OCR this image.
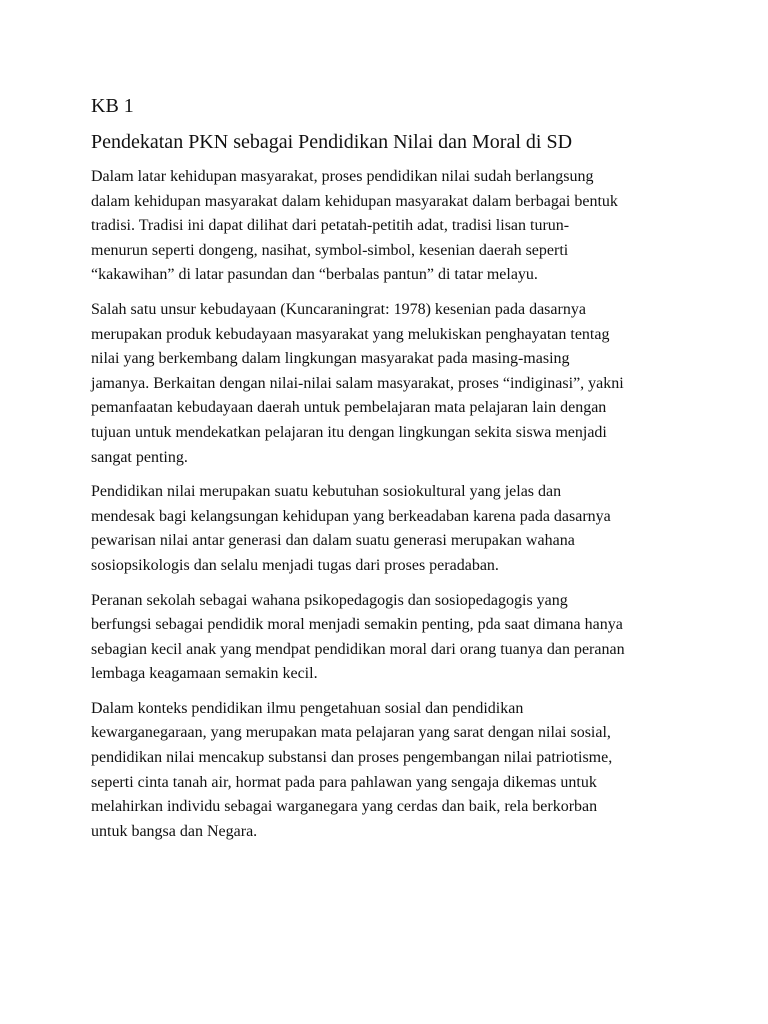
KB 1
Pendekatan PKN sebagai Pendidikan Nilai dan Moral di SD

Dalam latar kehidupan masyarakat, proses pendidikan nilai sudah berlangsung
dalam kehidupan masyarakat dalam kehidupan masyarakat dalam berbagai bentuk
tradisi. Tradisi ini dapat dilihat dari petatah-petitih adat, tradisi lisan turun-
menurun seperti dongeng, nasihat, symbol-simbol, kesenian daerah seperti
“kakawihan” di latar pasundan dan “berbalas pantun” di tatar melayu.

Salah satu unsur kebudayaan (Kuncaraningrat: 1978) kesenian pada dasarnya
merupakan produk kebudayaan masyarakat yang melukiskan penghayatan tentag
nilai yang berkembang dalam lingkungan masyarakat pada masing-masing
jamanya. Berkaitan dengan nilai-nilai salam masyarakat, proses “indiginasi”, yakni
pemanfaatan kebudayaan daerah untuk pembelajaran mata pelajaran lain dengan
tujuan untuk mendekatkan pelajaran itu dengan lingkungan sekita siswa menjadi
sangat penting.

Pendidikan nilai merupakan suatu kebutuhan sosiokultural yang jelas dan
mendesak bagi kelangsungan kehidupan yang berkeadaban karena pada dasarnya
pewarisan nilai antar generasi dan dalam suatu generasi merupakan wahana
sosiopsikologis dan selalu menjadi tugas dari proses peradaban.

Peranan sekolah sebagai wahana psikopedagogis dan sosiopedagogis yang
berfungsi sebagai pendidik moral menjadi semakin penting, pda saat dimana hanya
sebagian kecil anak yang mendpat pendidikan moral dari orang tuanya dan peranan
lembaga keagamaan semakin kecil.

Dalam konteks pendidikan ilmu pengetahuan sosial dan pendidikan
kewarganegaraan, yang merupakan mata pelajaran yang sarat dengan nilai sosial,
pendidikan nilai mencakup substansi dan proses pengembangan nilai patriotisme,
seperti cinta tanah air, hormat pada para pahlawan yang sengaja dikemas untuk
melahirkan individu sebagai warganegara yang cerdas dan baik, rela berkorban
untuk bangsa dan Negara.
